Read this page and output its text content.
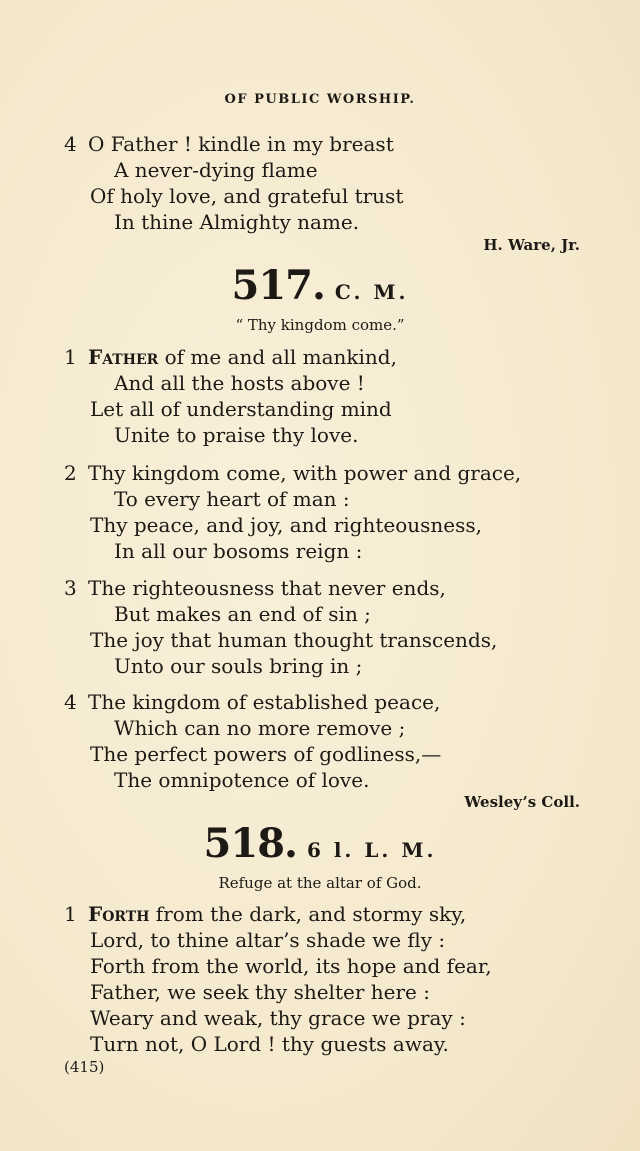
OF PUBLIC WORSHIP.
4 O Father ! kindle in my breast
A never-dying flame
Of holy love, and grateful trust
In thine Almighty name.
H. Ware, Jr.
517. C. M.
“ Thy kingdom come.”
1 Father of me and all mankind,
And all the hosts above !
Let all of understanding mind
Unite to praise thy love.
2 Thy kingdom come, with power and grace,
To every heart of man :
Thy peace, and joy, and righteousness,
In all our bosoms reign :
3 The righteousness that never ends,
But makes an end of sin ;
The joy that human thought transcends,
Unto our souls bring in ;
4 The kingdom of established peace,
Which can no more remove ;
The perfect powers of godliness,—
The omnipotence of love.
Wesley’s Coll.
518. 6 l. L. M.
Refuge at the altar of God.
1 Forth from the dark, and stormy sky,
Lord, to thine altar’s shade we fly :
Forth from the world, its hope and fear,
Father, we seek thy shelter here :
Weary and weak, thy grace we pray :
Turn not, O Lord ! thy guests away.
(415)
